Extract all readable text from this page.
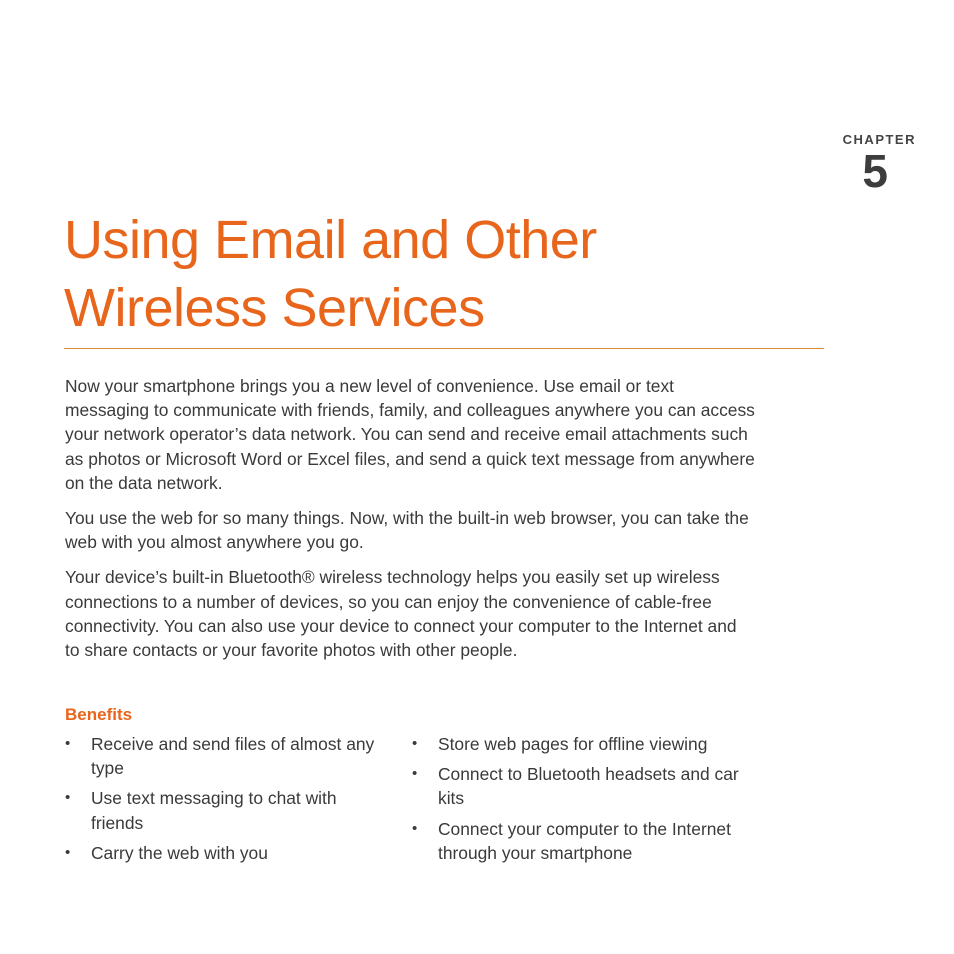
CHAPTER
5
Using Email and Other
Wireless Services

Now your smartphone brings you a new level of convenience. Use email or text messaging to communicate with friends, family, and colleagues anywhere you can access your network operator’s data network. You can send and receive email attachments such as photos or Microsoft Word or Excel files, and send a quick text message from anywhere on the data network.

You use the web for so many things. Now, with the built-in web browser, you can take the web with you almost anywhere you go.

Your device’s built-in Bluetooth® wireless technology helps you easily set up wireless connections to a number of devices, so you can enjoy the convenience of cable-free connectivity. You can also use your device to connect your computer to the Internet and to share contacts or your favorite photos with other people.

Benefits
• Receive and send files of almost any type
• Use text messaging to chat with friends
• Carry the web with you
• Store web pages for offline viewing
• Connect to Bluetooth headsets and car kits
• Connect your computer to the Internet through your smartphone
